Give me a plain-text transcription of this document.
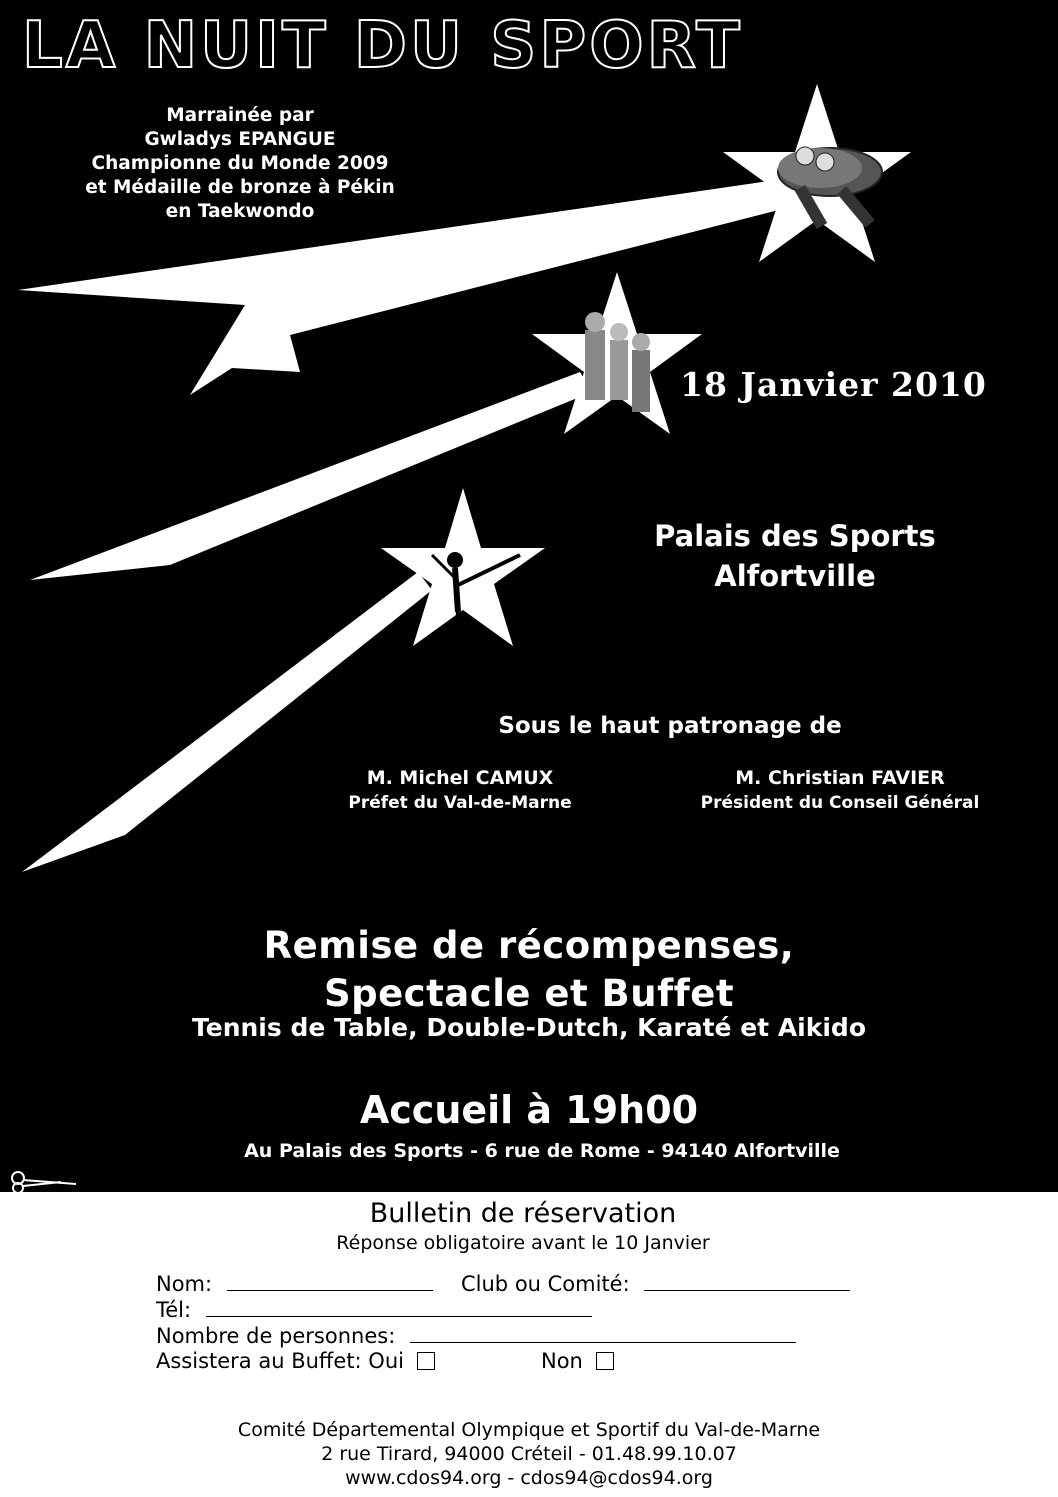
LA NUIT DU SPORT
Marrainée par
Gwladys EPANGUE
Championne du Monde 2009
et Médaille de bronze à Pékin
en Taekwondo
18 Janvier 2010
Palais des Sports
Alfortville
Sous le haut patronage de
M. Michel CAMUX
Préfet du Val-de-Marne
M. Christian FAVIER
Président du Conseil Général
Remise de récompenses,
Spectacle et Buffet
Tennis de Table, Double-Dutch, Karaté et Aikido
Accueil à 19h00
Au Palais des Sports - 6 rue de Rome - 94140 Alfortville
Bulletin de réservation
Réponse obligatoire avant le 10 Janvier
Nom:	Club ou Comité:
Tél:
Nombre de personnes:
Assistera au Buffet: Oui	Non
Comité Départemental Olympique et Sportif du Val-de-Marne
2 rue Tirard, 94000 Créteil - 01.48.99.10.07
www.cdos94.org - cdos94@cdos94.org
